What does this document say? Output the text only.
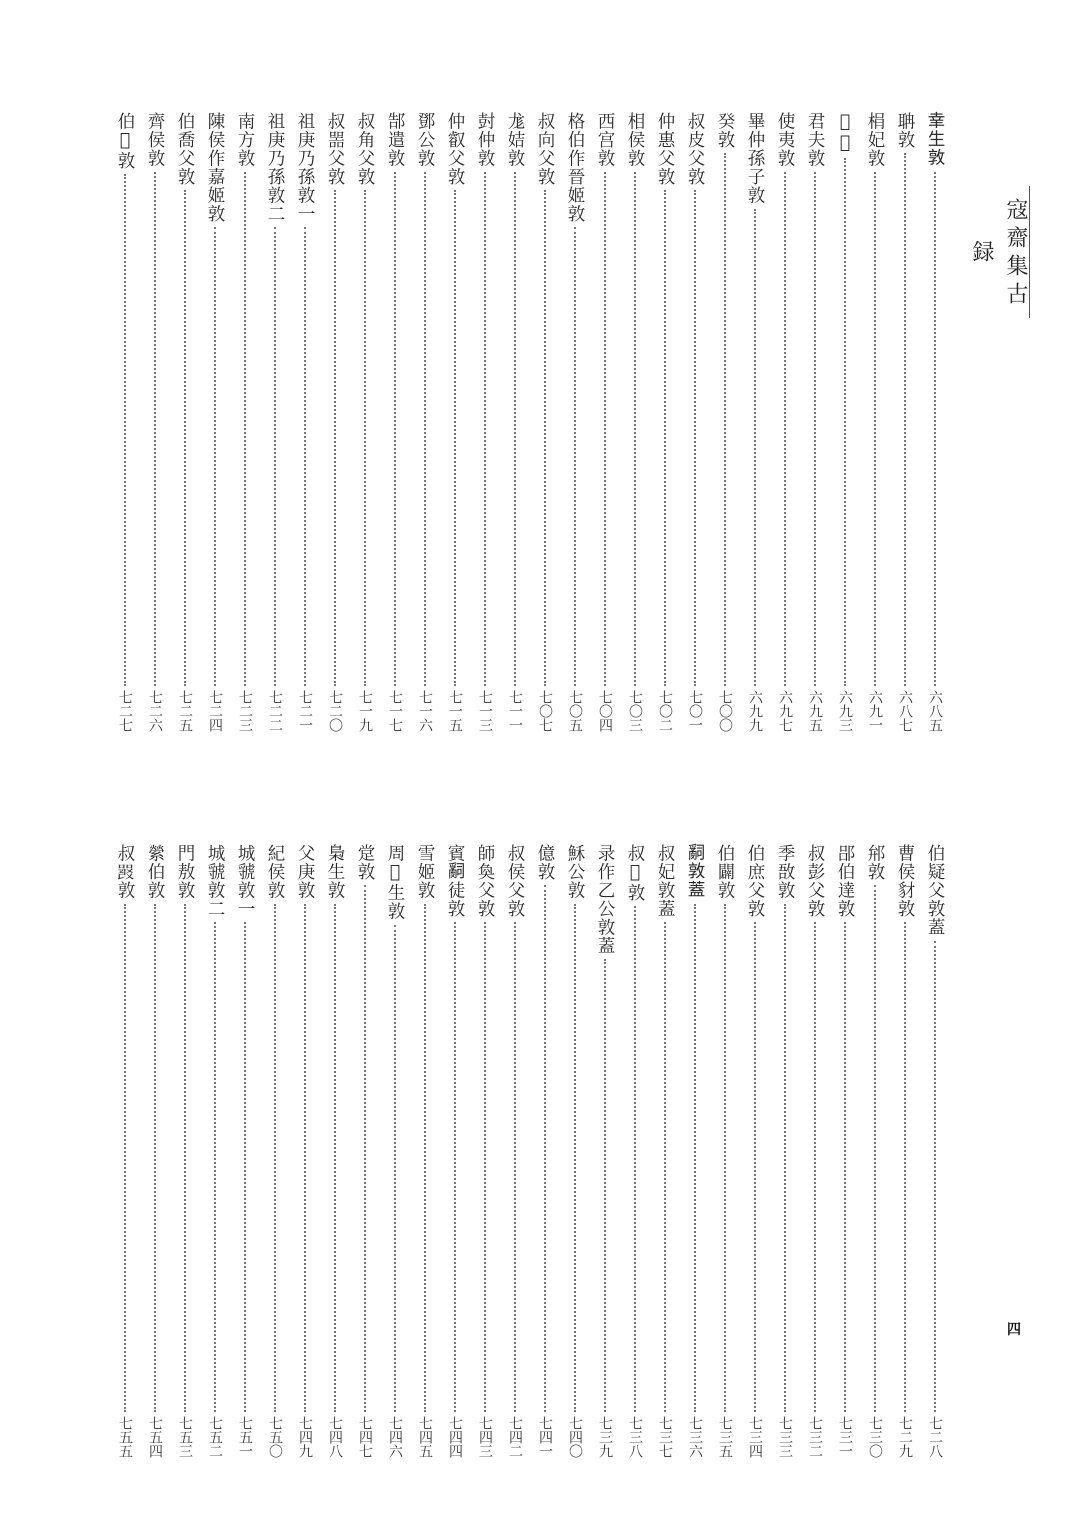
寇齋集古録
四
𦍒生敦
六八五
聃敦
六八七
梋妃敦
六九一
𧈐敦
六九三
君夫敦
六九五
使夷敦
六九七
畢仲孫子敦
六九九
癸敦
七〇〇
叔皮父敦
七〇一
仲惠父敦
七〇二
相侯敦
七〇三
西宫敦
七〇四
格伯作晉姬敦
七〇五
叔向父敦
七〇七
尨姞敦
七一一
尌仲敦
七一三
仲叡父敦
七一五
鄧公敦
七一六
郜遣敦
七一七
叔角父敦
七一九
叔噐父敦
七二〇
祖庚乃孫敦一
七二一
祖庚乃孫敦二
七二二
南方敦
七二三
陳侯作嘉姬敦
七二四
伯喬父敦
七二五
齊侯敦
七二六
伯𦚾敦
七二七
伯疑父敦蓋
七二八
曹侯豺敦
七二九
𨚕敦
七三〇
郘伯達敦
七三一
叔彭父敦
七三二
季敔敦
七三三
伯庶父敦
七三四
伯闢敦
七三五
𤔲敦蓋
七三六
叔妃敦蓋
七三七
叔𡧊敦
七三八
录作乙公敦蓋
七三九
穌公敦
七四〇
億敦
七四一
叔侯父敦
七四二
師奐父敦
七四三
賓𤔲徒敦
七四四
雪姬敦
七四五
周𣗥生敦
七四六
䟫敦
七四七
梟生敦
七四八
父庚敦
七四九
紀侯敦
七五〇
城虢敦一
七五一
城虢敦二
七五二
門敖敦
七五三
縈伯敦
七五四
叔𤕦敦
七五五
